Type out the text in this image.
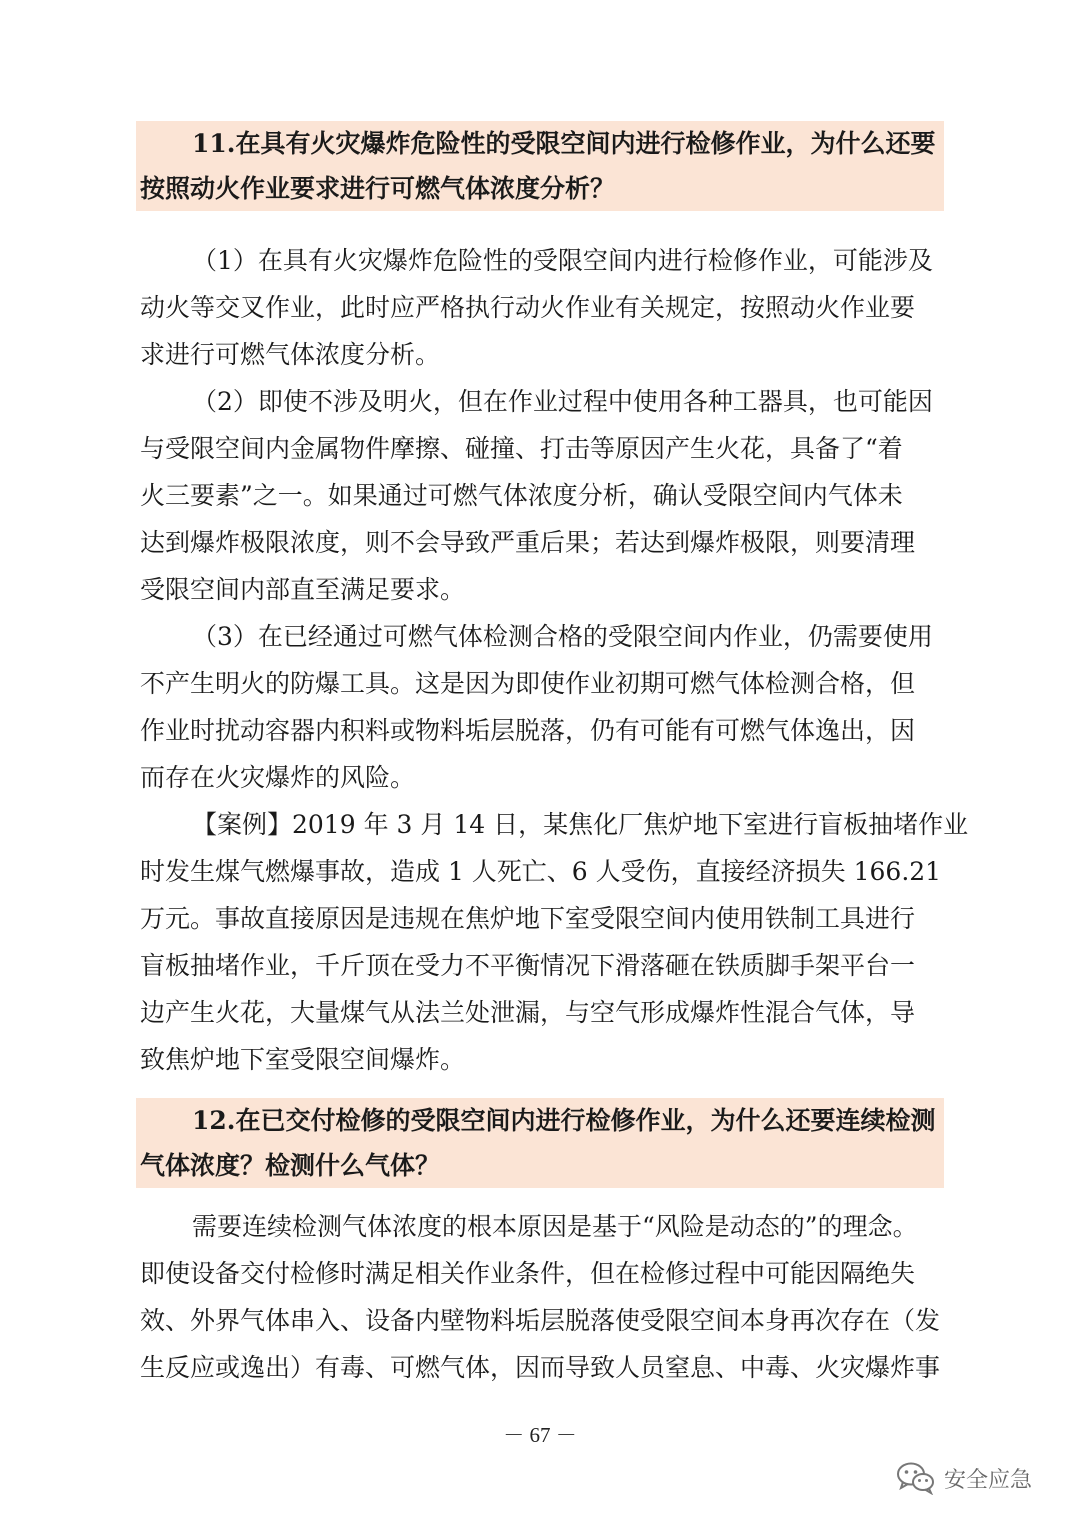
11.在具有火灾爆炸危险性的受限空间内进行检修作业，为什么还要
按照动火作业要求进行可燃气体浓度分析？
（1）在具有火灾爆炸危险性的受限空间内进行检修作业，可能涉及
动火等交叉作业，此时应严格执行动火作业有关规定，按照动火作业要
求进行可燃气体浓度分析。
（2）即使不涉及明火，但在作业过程中使用各种工器具，也可能因
与受限空间内金属物件摩擦、碰撞、打击等原因产生火花，具备了“着
火三要素”之一。如果通过可燃气体浓度分析，确认受限空间内气体未
达到爆炸极限浓度，则不会导致严重后果；若达到爆炸极限，则要清理
受限空间内部直至满足要求。
（3）在已经通过可燃气体检测合格的受限空间内作业，仍需要使用
不产生明火的防爆工具。这是因为即使作业初期可燃气体检测合格，但
作业时扰动容器内积料或物料垢层脱落，仍有可能有可燃气体逸出，因
而存在火灾爆炸的风险。
【案例】2019 年 3 月 14 日，某焦化厂焦炉地下室进行盲板抽堵作业
时发生煤气燃爆事故，造成 1 人死亡、6 人受伤，直接经济损失 166.21
万元。事故直接原因是违规在焦炉地下室受限空间内使用铁制工具进行
盲板抽堵作业，千斤顶在受力不平衡情况下滑落砸在铁质脚手架平台一
边产生火花，大量煤气从法兰处泄漏，与空气形成爆炸性混合气体，导
致焦炉地下室受限空间爆炸。
12.在已交付检修的受限空间内进行检修作业，为什么还要连续检测
气体浓度？检测什么气体？
需要连续检测气体浓度的根本原因是基于“风险是动态的”的理念。
即使设备交付检修时满足相关作业条件，但在检修过程中可能因隔绝失
效、外界气体串入、设备内壁物料垢层脱落使受限空间本身再次存在（发
生反应或逸出）有毒、可燃气体，因而导致人员窒息、中毒、火灾爆炸事
－ 67 －
安全应急
